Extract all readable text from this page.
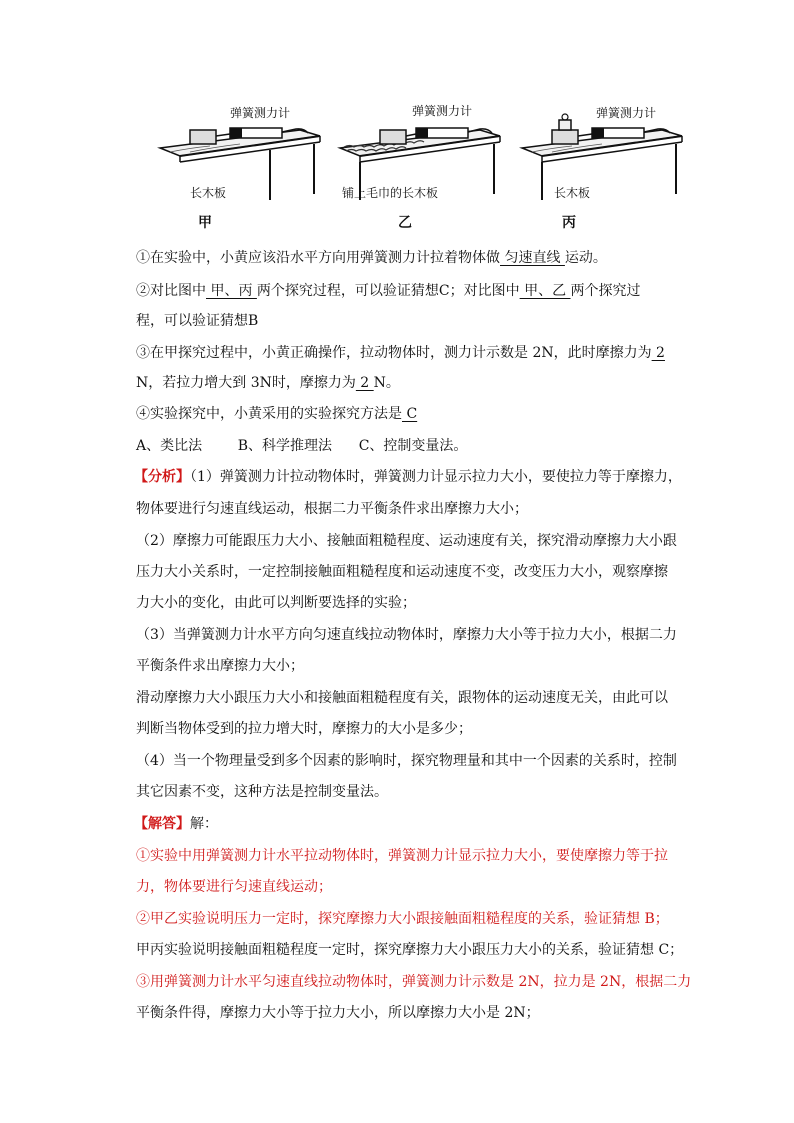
弹簧测力计
长木板
甲
弹簧测力计
铺上毛巾的长木板
乙
弹簧测力计
长木板
丙
①在实验中，小黄应该沿水平方向用弹簧测力计拉着物体做 匀速直线 运动。
②对比图中 甲、丙 两个探究过程，可以验证猜想C；对比图中 甲、乙 两个探究过
程，可以验证猜想B
③在甲探究过程中，小黄正确操作，拉动物体时，测力计示数是 2N，此时摩擦力为 2
N，若拉力增大到 3N时，摩擦力为 2 N。
④实验探究中，小黄采用的实验探究方法是 C
A、类比法        B、科学推理法      C、控制变量法。
【分析】（1）弹簧测力计拉动物体时，弹簧测力计显示拉力大小，要使拉力等于摩擦力，
物体要进行匀速直线运动，根据二力平衡条件求出摩擦力大小；
（2）摩擦力可能跟压力大小、接触面粗糙程度、运动速度有关，探究滑动摩擦力大小跟
压力大小关系时，一定控制接触面粗糙程度和运动速度不变，改变压力大小，观察摩擦
力大小的变化，由此可以判断要选择的实验；
（3）当弹簧测力计水平方向匀速直线拉动物体时，摩擦力大小等于拉力大小，根据二力
平衡条件求出摩擦力大小；
滑动摩擦力大小跟压力大小和接触面粗糙程度有关，跟物体的运动速度无关，由此可以
判断当物体受到的拉力增大时，摩擦力的大小是多少；
（4）当一个物理量受到多个因素的影响时，探究物理量和其中一个因素的关系时，控制
其它因素不变，这种方法是控制变量法。
【解答】解：
①实验中用弹簧测力计水平拉动物体时，弹簧测力计显示拉力大小，要使摩擦力等于拉
力，物体要进行匀速直线运动；
②甲乙实验说明压力一定时，探究摩擦力大小跟接触面粗糙程度的关系，验证猜想 B；
甲丙实验说明接触面粗糙程度一定时，探究摩擦力大小跟压力大小的关系，验证猜想 C；
③用弹簧测力计水平匀速直线拉动物体时，弹簧测力计示数是 2N，拉力是 2N，根据二力
平衡条件得，摩擦力大小等于拉力大小，所以摩擦力大小是 2N；
